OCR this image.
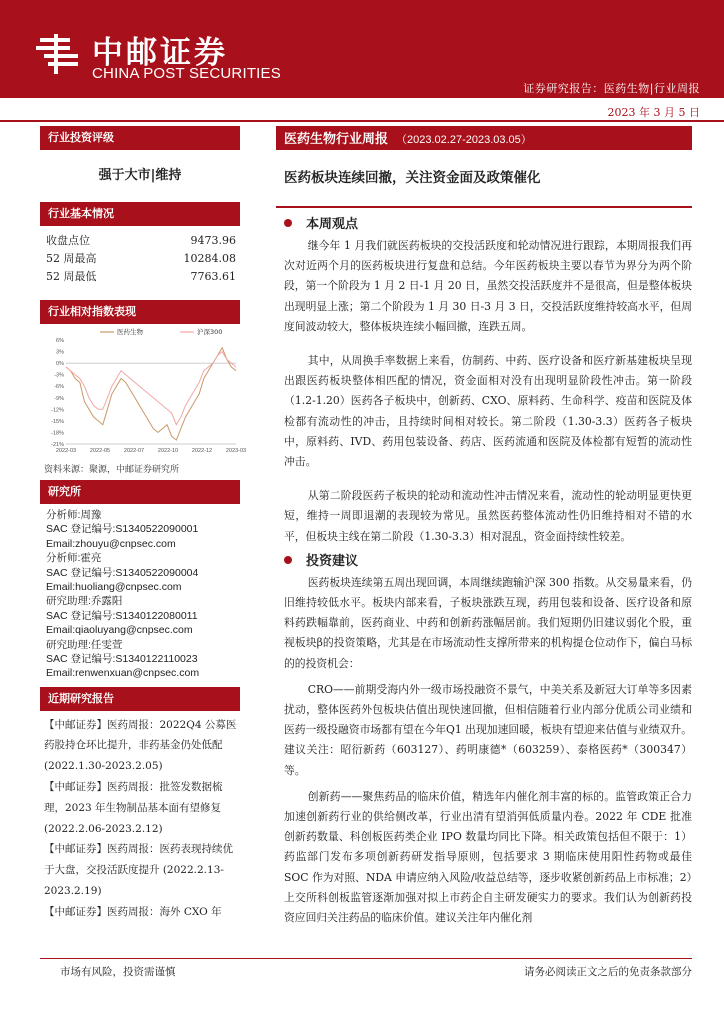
中邮证券
CHINA POST SECURITIES
证券研究报告：医药生物|行业周报
2023 年 3 月 5 日
行业投资评级
强于大市|维持
行业基本情况
收盘点位	9473.96
52 周最高	10284.08
52 周最低	7763.61
行业相对指数表现
6%
3%
0%
-3%
-6%
-9%
-12%
-15%
-18%
-21%
2022-03	2022-05	2022-07	2022-10	2022-12	2023-03
医药生物	沪深300
资料来源：聚源，中邮证券研究所
研究所
分析师:周豫
SAC 登记编号:S1340522090001
Email:zhouyu@cnpsec.com
分析师:霍亮
SAC 登记编号:S1340522090004
Email:huoliang@cnpsec.com
研究助理:乔露阳
SAC 登记编号:S1340122080011
Email:qiaoluyang@cnpsec.com
研究助理:任雯萱
SAC 登记编号:S1340122110023
Email:renwenxuan@cnpsec.com
近期研究报告
【中邮证券】医药周报：2022Q4 公募医药股持仓环比提升，非药基金仍处低配(2022.1.30-2023.2.05)
【中邮证券】医药周报：批签发数据梳理，2023 年生物制品基本面有望修复 (2022.2.06-2023.2.12)
【中邮证券】医药周报：医药表现持续优于大盘，交投活跃度提升 (2022.2.13-2023.2.19)
【中邮证券】医药周报：海外 CXO 年
医药生物行业周报 （2023.02.27-2023.03.05）
医药板块连续回撤，关注资金面及政策催化
本周观点

继今年 1 月我们就医药板块的交投活跃度和轮动情况进行跟踪，本期周报我们再次对近两个月的医药板块进行复盘和总结。今年医药板块主要以春节为界分为两个阶段，第一个阶段为 1 月 2 日-1 月 20 日，虽然交投活跃度并不是很高，但是整体板块出现明显上涨；第二个阶段为 1 月 30 日-3 月 3 日，交投活跃度维持较高水平，但周度间波动较大，整体板块连续小幅回撤，连跌五周。

其中，从周换手率数据上来看，仿制药、中药、医疗设备和医疗新基建板块呈现出跟医药板块整体相匹配的情况，资金面相对没有出现明显阶段性冲击。第一阶段（1.2-1.20）医药各子板块中，创新药、CXO、原料药、生命科学、疫苗和医院及体检都有流动性的冲击，且持续时间相对较长。第二阶段（1.30-3.3）医药各子板块中，原料药、IVD、药用包装设备、药店、医药流通和医院及体检都有短暂的流动性冲击。

从第二阶段医药子板块的轮动和流动性冲击情况来看，流动性的轮动明显更快更短，维持一周即退潮的表现较为常见。虽然医药整体流动性仍旧维持相对不错的水平，但板块主线在第二阶段（1.30-3.3）相对混乱，资金面持续性较差。

投资建议

医药板块连续第五周出现回调，本周继续跑输沪深 300 指数。从交易量来看，仍旧维持较低水平。板块内部来看，子板块涨跌互现，药用包装和设备、医疗设备和原料药跌幅靠前，医药商业、中药和创新药涨幅居前。我们短期仍旧建议弱化个股，重视板块β的投资策略，尤其是在市场流动性支撑所带来的机构提仓位动作下，偏白马标的的投资机会：

CRO——前期受海内外一级市场投融资不景气，中美关系及新冠大订单等多因素扰动，整体医药外包板块估值出现快速回撤，但相信随着行业内部分优质公司业绩和医药一级投融资市场都有望在今年Q1 出现加速回暖，板块有望迎来估值与业绩双升。建议关注：昭衍新药（603127）、药明康德*（603259）、泰格医药*（300347）等。

创新药——聚焦药品的临床价值，精选年内催化剂丰富的标的。监管政策正合力加速创新药行业的供给侧改革，行业出清有望消弭低质量内卷。2022 年 CDE 批准创新药数量、科创板医药类企业 IPO 数量均同比下降。相关政策包括但不限于：1）药监部门发布多项创新药研发指导原则，包括要求 3 期临床使用阳性药物或最佳 SOC 作为对照、NDA 申请应纳入风险/收益总结等，逐步收紧创新药品上市标准；2）上交所科创板监管逐渐加强对拟上市药企自主研发硬实力的要求。我们认为创新药投资应回归关注药品的临床价值。建议关注年内催化剂

市场有风险，投资需谨慎	请务必阅读正文之后的免责条款部分
